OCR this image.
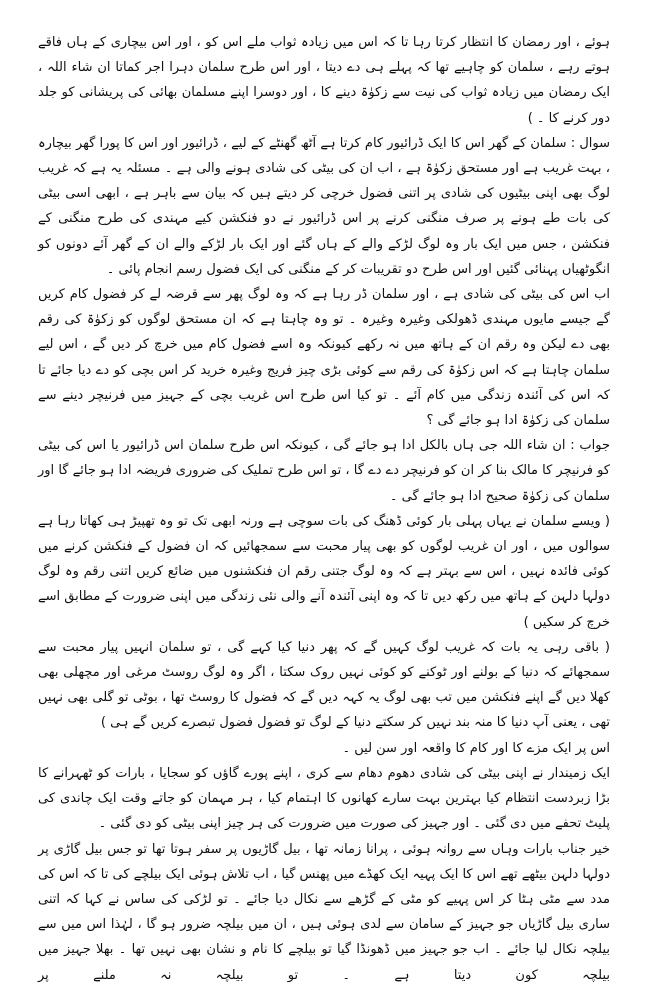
ہوئے ، اور رمضان کا انتظار کرتا رہا تا کہ اس میں زیادہ ثواب ملے اس کو ، اور اس بیچاری کے ہاں فاقے ہوتے رہے ، سلمان کو چاہیے تھا کہ پہلے ہی دے دیتا ، اور اس طرح سلمان دہرا اجر کماتا ان شاء اللہ ، ایک رمضان میں زیادہ ثواب کی نیت سے زکوٰۃ دینے کا ، اور دوسرا اپنے مسلمان بھائی کی پریشانی کو جلد دور کرنے کا ۔ )

سوال : سلمان کے گھر اس کا ایک ڈرائیور کام کرتا ہے آٹھ گھنٹے کے لیے ، ڈرائیور اور اس کا پورا گھر بیچارہ ، بہت غریب ہے اور مستحق زکوٰۃ ہے ، اب ان کی بیٹی کی شادی ہونے والی ہے ۔ مسئلہ یہ ہے کہ غریب لوگ بھی اپنی بیٹیوں کی شادی پر اتنی فضول خرچی کر دیتے ہیں کہ بیان سے باہر ہے ، ابھی اسی بیٹی کی بات طے ہونے پر صرف منگنی کرنے پر اس ڈرائیور نے دو فنکشن کیے مہندی کی طرح منگنی کے فنکشن ، جس میں ایک بار وہ لوگ لڑکے والے کے ہاں گئے اور ایک بار لڑکے والے ان کے گھر آئے دونوں کو انگوٹھیاں پہنائی گئیں اور اس طرح دو تقریبات کر کے منگنی کی ایک فضول رسم انجام پائی ۔

اب اس کی بیٹی کی شادی ہے ، اور سلمان ڈر رہا ہے کہ وہ لوگ پھر سے قرضہ لے کر فضول کام کریں گے جیسے مایوں مہندی ڈھولکی وغیرہ وغیرہ ۔ تو وہ چاہتا ہے کہ ان مستحق لوگوں کو زکوٰۃ کی رقم بھی دے لیکن وہ رقم ان کے ہاتھ میں نہ رکھے کیونکہ وہ اسے فضول کام میں خرچ کر دیں گے ، اس لیے سلمان چاہتا ہے کہ اس زکوٰۃ کی رقم سے کوئی بڑی چیز فریج وغیرہ خرید کر اس بچی کو دے دیا جائے تا کہ اس کی آئندہ زندگی میں کام آئے ۔ تو کیا اس طرح اس غریب بچی کے جہیز میں فرنیچر دینے سے سلمان کی زکوٰۃ ادا ہو جائے گی ؟

جواب : ان شاء اللہ جی ہاں بالکل ادا ہو جائے گی ، کیونکہ اس طرح سلمان اس ڈرائیور یا اس کی بیٹی کو فرنیچر کا مالک بنا کر ان کو فرنیچر دے دے گا ، تو اس طرح تملیک کی ضروری فریضہ ادا ہو جائے گا اور سلمان کی زکوٰۃ صحیح ادا ہو جائے گی ۔

( ویسے سلمان نے یہاں پہلی بار کوئی ڈھنگ کی بات سوچی ہے ورنہ ابھی تک تو وہ تھپیڑ ہی کھاتا رہا ہے سوالوں میں ، اور ان غریب لوگوں کو بھی پیار محبت سے سمجھائیں کہ ان فضول کے فنکشن کرنے میں کوئی فائدہ نہیں ، اس سے بہتر ہے کہ وہ لوگ جتنی رقم ان فنکشنوں میں ضائع کریں اتنی رقم وہ لوگ دولہا دلہن کے ہاتھ میں رکھ دیں تا کہ وہ اپنی آئندہ آنے والی نئی زندگی میں اپنی ضرورت کے مطابق اسے خرچ کر سکیں )

( باقی رہی یہ بات کہ غریب لوگ کہیں گے کہ پھر دنیا کیا کہے گی ، تو سلمان انہیں پیار محبت سے سمجھائے کہ دنیا کے بولنے اور ٹوکنے کو کوئی نہیں روک سکتا ، اگر وہ لوگ روسٹ مرغی اور مچھلی بھی کھلا دیں گے اپنے فنکشن میں تب بھی لوگ یہ کہہ دیں گے کہ فضول کا روسٹ تھا ، بوٹی تو گلی بھی نہیں تھی ، یعنی آپ دنیا کا منہ بند نہیں کر سکتے دنیا کے لوگ تو فضول فضول تبصرے کریں گے ہی )

اس پر ایک مزے کا اور کام کا واقعہ اور سن لیں ۔

ایک زمیندار نے اپنی بیٹی کی شادی دھوم دھام سے کری ، اپنے پورے گاؤں کو سجایا ، بارات کو ٹھہرانے کا بڑا زبردست انتظام کیا بہترین بہت سارے کھانوں کا اہتمام کیا ، ہر مہمان کو جاتے وقت ایک چاندی کی پلیٹ تحفے میں دی گئی ۔ اور جہیز کی صورت میں ضرورت کی ہر چیز اپنی بیٹی کو دی گئی ۔

خیر جناب بارات وہاں سے روانہ ہوئی ، پرانا زمانہ تھا ، بیل گاڑیوں پر سفر ہوتا تھا تو جس بیل گاڑی پر دولہا دلہن بیٹھے تھے اس کا ایک پہیہ ایک کھڈے میں پھنس گیا ، اب تلاش ہوئی ایک بیلچے کی تا کہ اس کی مدد سے مٹی ہٹا کر اس پہیے کو مٹی کے گڑھے سے نکال دیا جائے ۔ تو لڑکی کی ساس نے کہا کہ اتنی ساری بیل گاڑیاں جو جہیز کے سامان سے لدی ہوئی ہیں ، ان میں بیلچہ ضرور ہو گا ، لہٰذا اس میں سے بیلچہ نکال لیا جائے ۔ اب جو جہیز میں ڈھونڈا گیا تو بیلچے کا نام و نشان بھی نہیں تھا ۔ بھلا جہیز میں بیلچہ کون دیتا ہے ۔ تو بیلچہ نہ ملنے پر
